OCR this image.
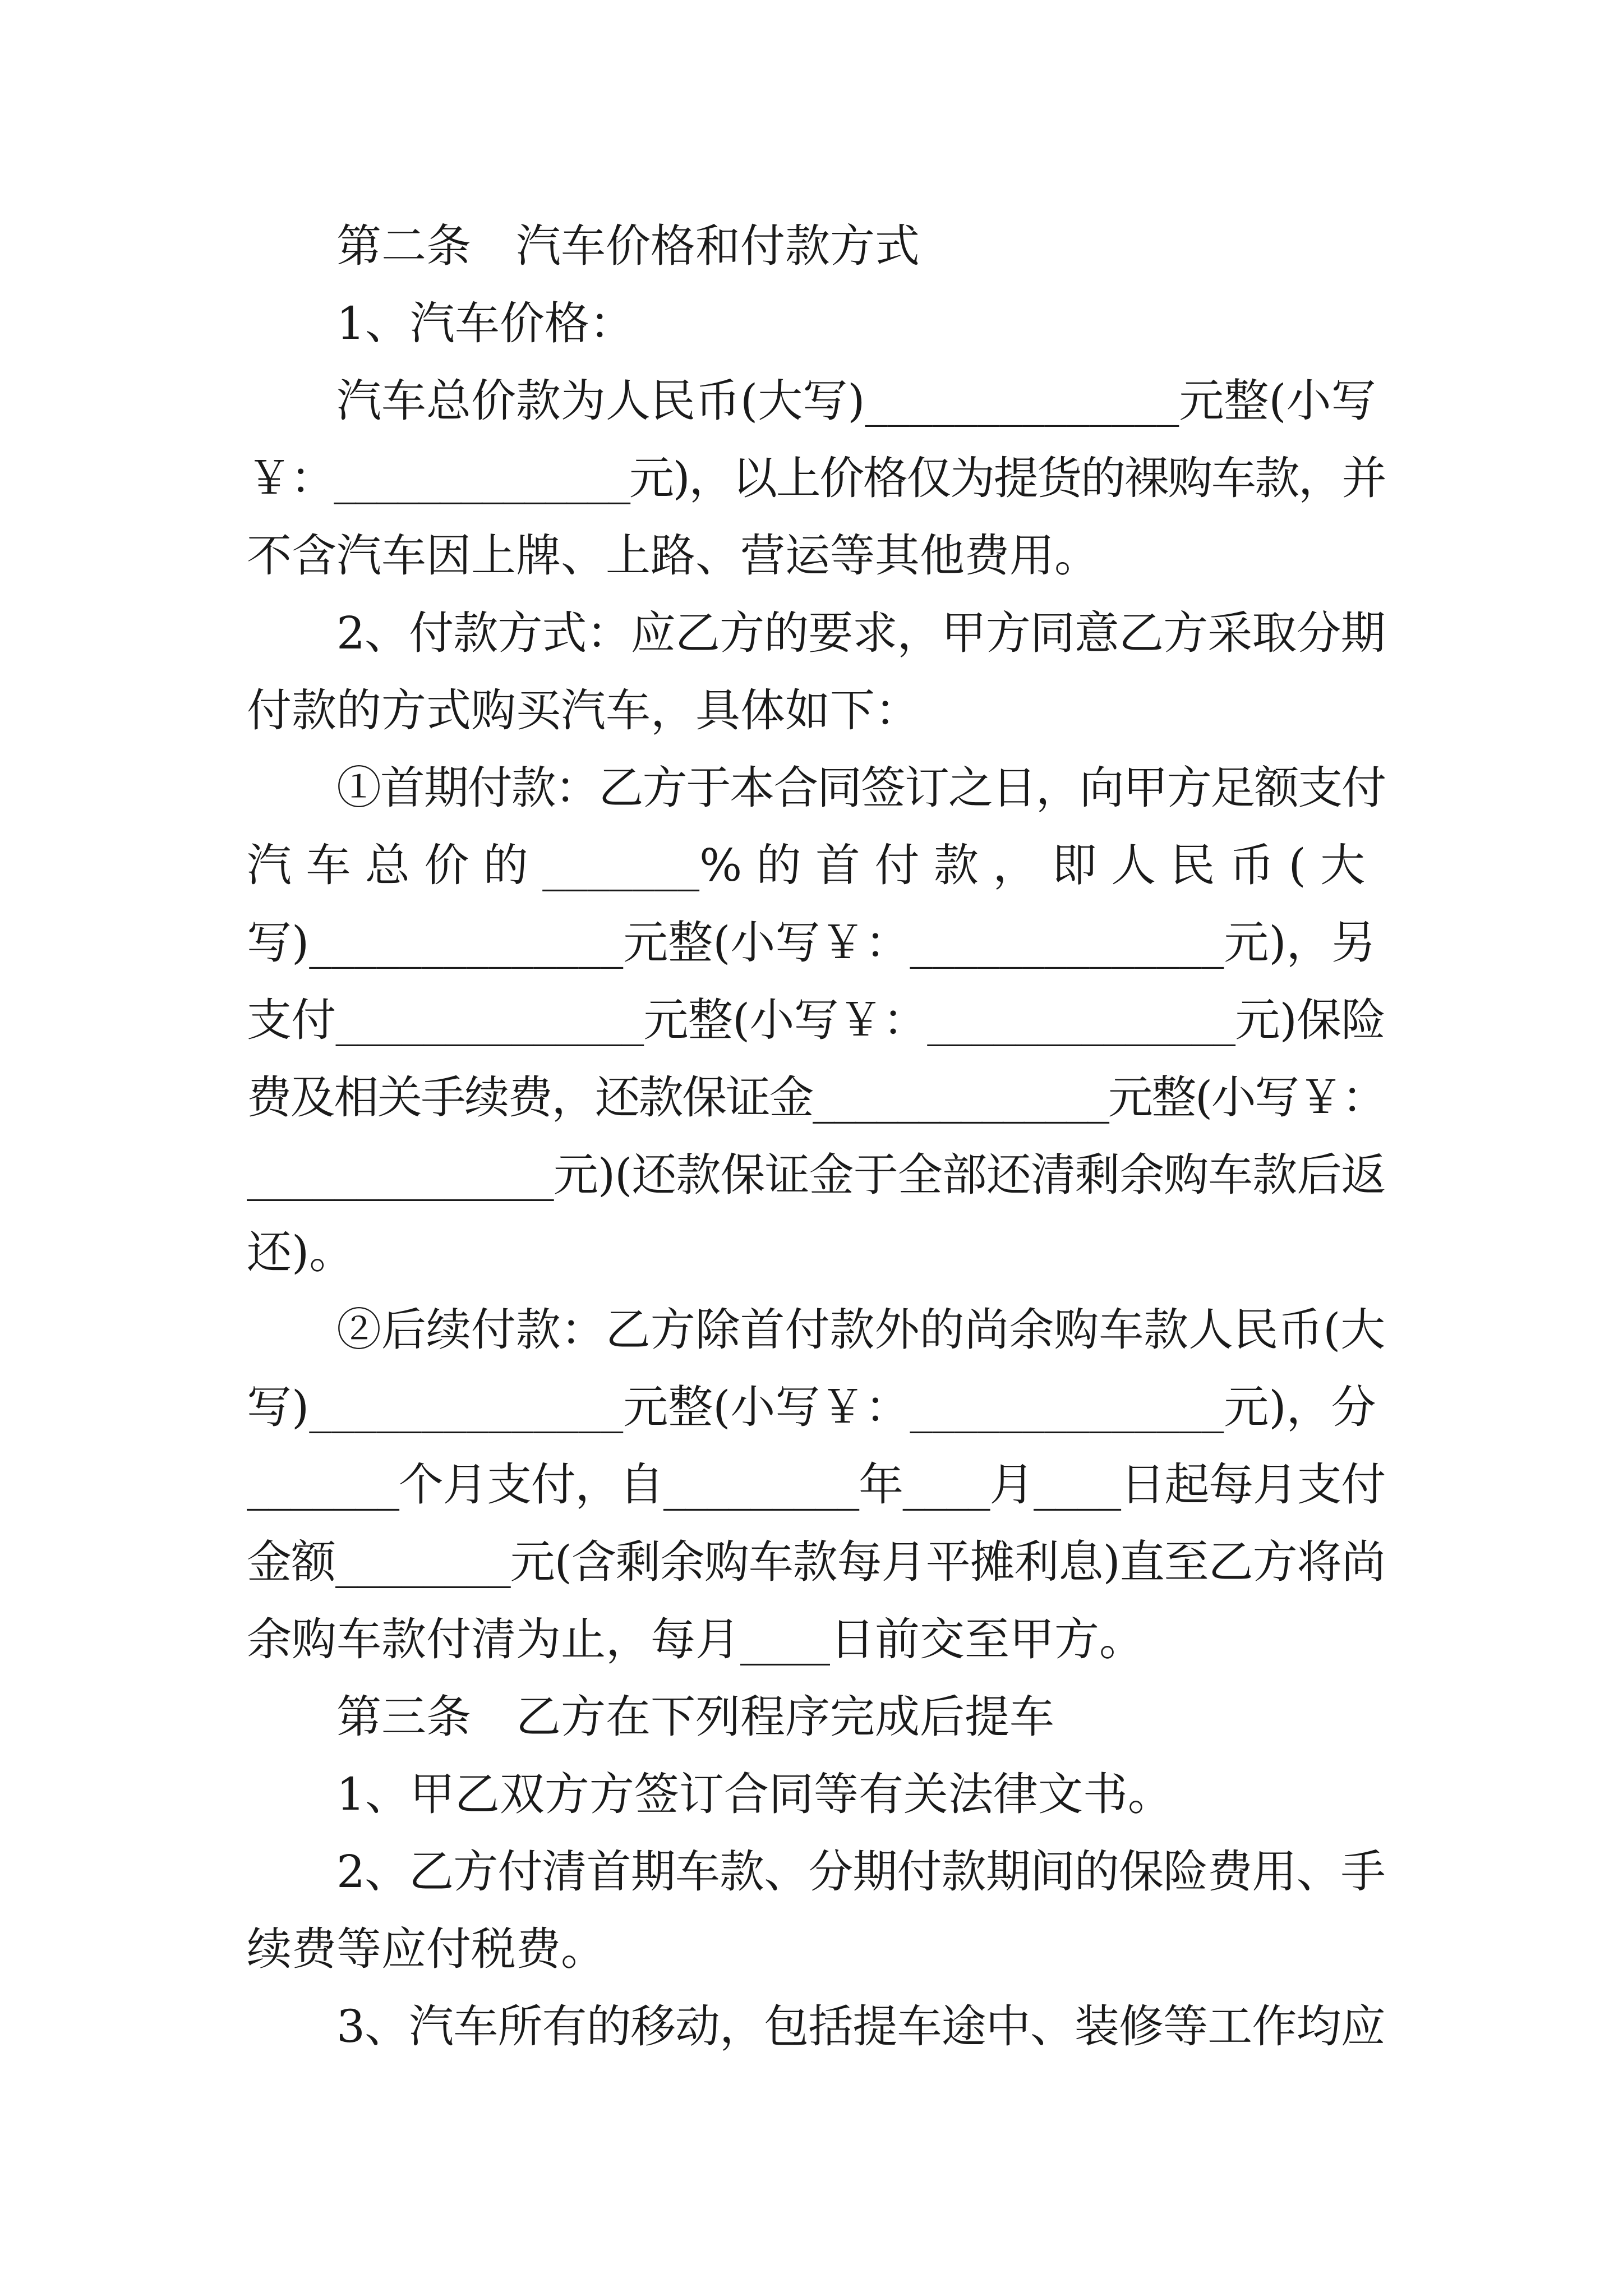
第二条　汽车价格和付款方式
1、汽车价格：
汽车总价款为人民币(大写)______________元整(小写
￥：______________元)，以上价格仅为提货的裸购车款，并
不含汽车因上牌、上路、营运等其他费用。
2、付款方式：应乙方的要求，甲方同意乙方采取分期
付款的方式购买汽车，具体如下：
①首期付款：乙方于本合同签订之日，向甲方足额支付
汽 车 总 价 的 _______% 的 首 付 款 ， 即 人 民 币 ( 大
写)______________元整(小写￥：______________元)，另
支付______________元整(小写￥：______________元)保险
费及相关手续费，还款保证金______________元整(小写￥：
______________元)(还款保证金于全部还清剩余购车款后返
还)。
②后续付款：乙方除首付款外的尚余购车款人民币(大
写)______________元整(小写￥：______________元)，分
_______个月支付，自_________年____月____日起每月支付
金额________元(含剩余购车款每月平摊利息)直至乙方将尚
余购车款付清为止，每月____日前交至甲方。
第三条　乙方在下列程序完成后提车
1、甲乙双方方签订合同等有关法律文书。
2、乙方付清首期车款、分期付款期间的保险费用、手
续费等应付税费。
3、汽车所有的移动，包括提车途中、装修等工作均应
